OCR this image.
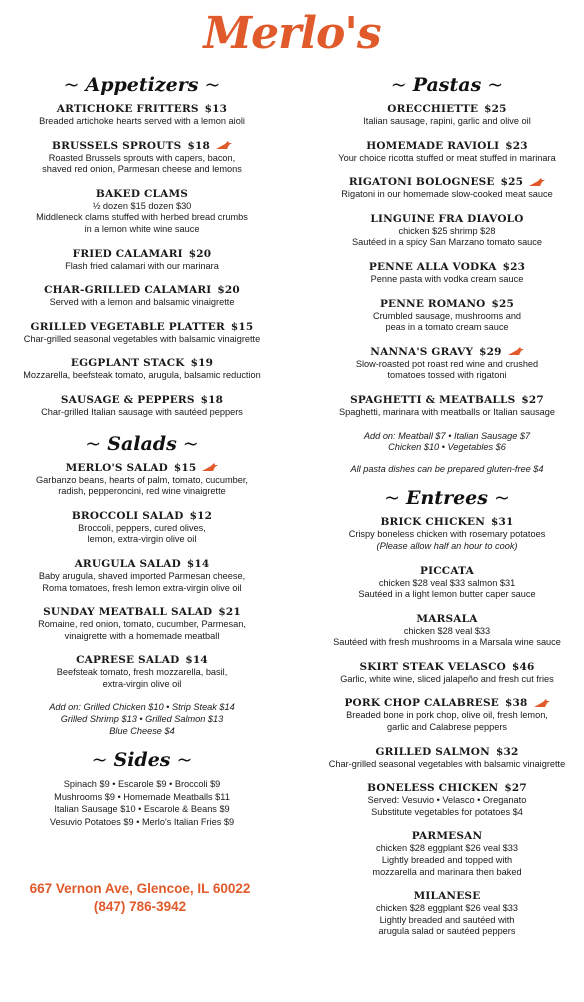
Merlo's
~ Appetizers ~
ARTICHOKE FRITTERS $13
Breaded artichoke hearts served with a lemon aioli
BRUSSELS SPROUTS $18
Roasted Brussels sprouts with capers, bacon,
shaved red onion, Parmesan cheese and lemons
BAKED CLAMS
½ dozen $15 dozen $30
Middleneck clams stuffed with herbed bread crumbs
in a lemon white wine sauce
FRIED CALAMARI $20
Flash fried calamari with our marinara
CHAR-GRILLED CALAMARI $20
Served with a lemon and balsamic vinaigrette
GRILLED VEGETABLE PLATTER $15
Char-grilled seasonal vegetables with balsamic vinaigrette
EGGPLANT STACK $19
Mozzarella, beefsteak tomato, arugula, balsamic reduction
SAUSAGE & PEPPERS $18
Char-grilled Italian sausage with sautéed peppers
~ Salads ~
MERLO'S SALAD $15
Garbanzo beans, hearts of palm, tomato, cucumber,
radish, pepperoncini, red wine vinaigrette
BROCCOLI SALAD $12
Broccoli, peppers, cured olives,
lemon, extra-virgin olive oil
ARUGULA SALAD $14
Baby arugula, shaved imported Parmesan cheese,
Roma tomatoes, fresh lemon extra-virgin olive oil
SUNDAY MEATBALL SALAD $21
Romaine, red onion, tomato, cucumber, Parmesan,
vinaigrette with a homemade meatball
CAPRESE SALAD $14
Beefsteak tomato, fresh mozzarella, basil,
extra-virgin olive oil
Add on: Grilled Chicken $10 • Strip Steak $14
Grilled Shrimp $13 • Grilled Salmon $13
Blue Cheese $4
~ Sides ~
Spinach $9 • Escarole $9 • Broccoli $9
Mushrooms $9 • Homemade Meatballs $11
Italian Sausage $10 • Escarole & Beans $9
Vesuvio Potatoes $9 • Merlo's Italian Fries $9
667 Vernon Ave, Glencoe, IL 60022
(847) 786-3942
~ Pastas ~
ORECCHIETTE $25
Italian sausage, rapini, garlic and olive oil
HOMEMADE RAVIOLI $23
Your choice ricotta stuffed or meat stuffed in marinara
RIGATONI BOLOGNESE $25
Rigatoni in our homemade slow-cooked meat sauce
LINGUINE FRA DIAVOLO
chicken $25 shrimp $28
Sautéed in a spicy San Marzano tomato sauce
PENNE ALLA VODKA $23
Penne pasta with vodka cream sauce
PENNE ROMANO $25
Crumbled sausage, mushrooms and
peas in a tomato cream sauce
NANNA'S GRAVY $29
Slow-roasted pot roast red wine and crushed
tomatoes tossed with rigatoni
SPAGHETTI & MEATBALLS $27
Spaghetti, marinara with meatballs or Italian sausage
Add on: Meatball $7 • Italian Sausage $7
Chicken $10 • Vegetables $6
All pasta dishes can be prepared gluten-free $4
~ Entrees ~
BRICK CHICKEN $31
Crispy boneless chicken with rosemary potatoes
(Please allow half an hour to cook)
PICCATA
chicken $28 veal $33 salmon $31
Sautéed in a light lemon butter caper sauce
MARSALA
chicken $28 veal $33
Sautéed with fresh mushrooms in a Marsala wine sauce
SKIRT STEAK VELASCO $46
Garlic, white wine, sliced jalapeño and fresh cut fries
PORK CHOP CALABRESE $38
Breaded bone in pork chop, olive oil, fresh lemon,
garlic and Calabrese peppers
GRILLED SALMON $32
Char-grilled seasonal vegetables with balsamic vinaigrette
BONELESS CHICKEN $27
Served: Vesuvio • Velasco • Oreganato
Substitute vegetables for potatoes $4
PARMESAN
chicken $28 eggplant $26 veal $33
Lightly breaded and topped with
mozzarella and marinara then baked
MILANESE
chicken $28 eggplant $26 veal $33
Lightly breaded and sautéed with
arugula salad or sautéed peppers
